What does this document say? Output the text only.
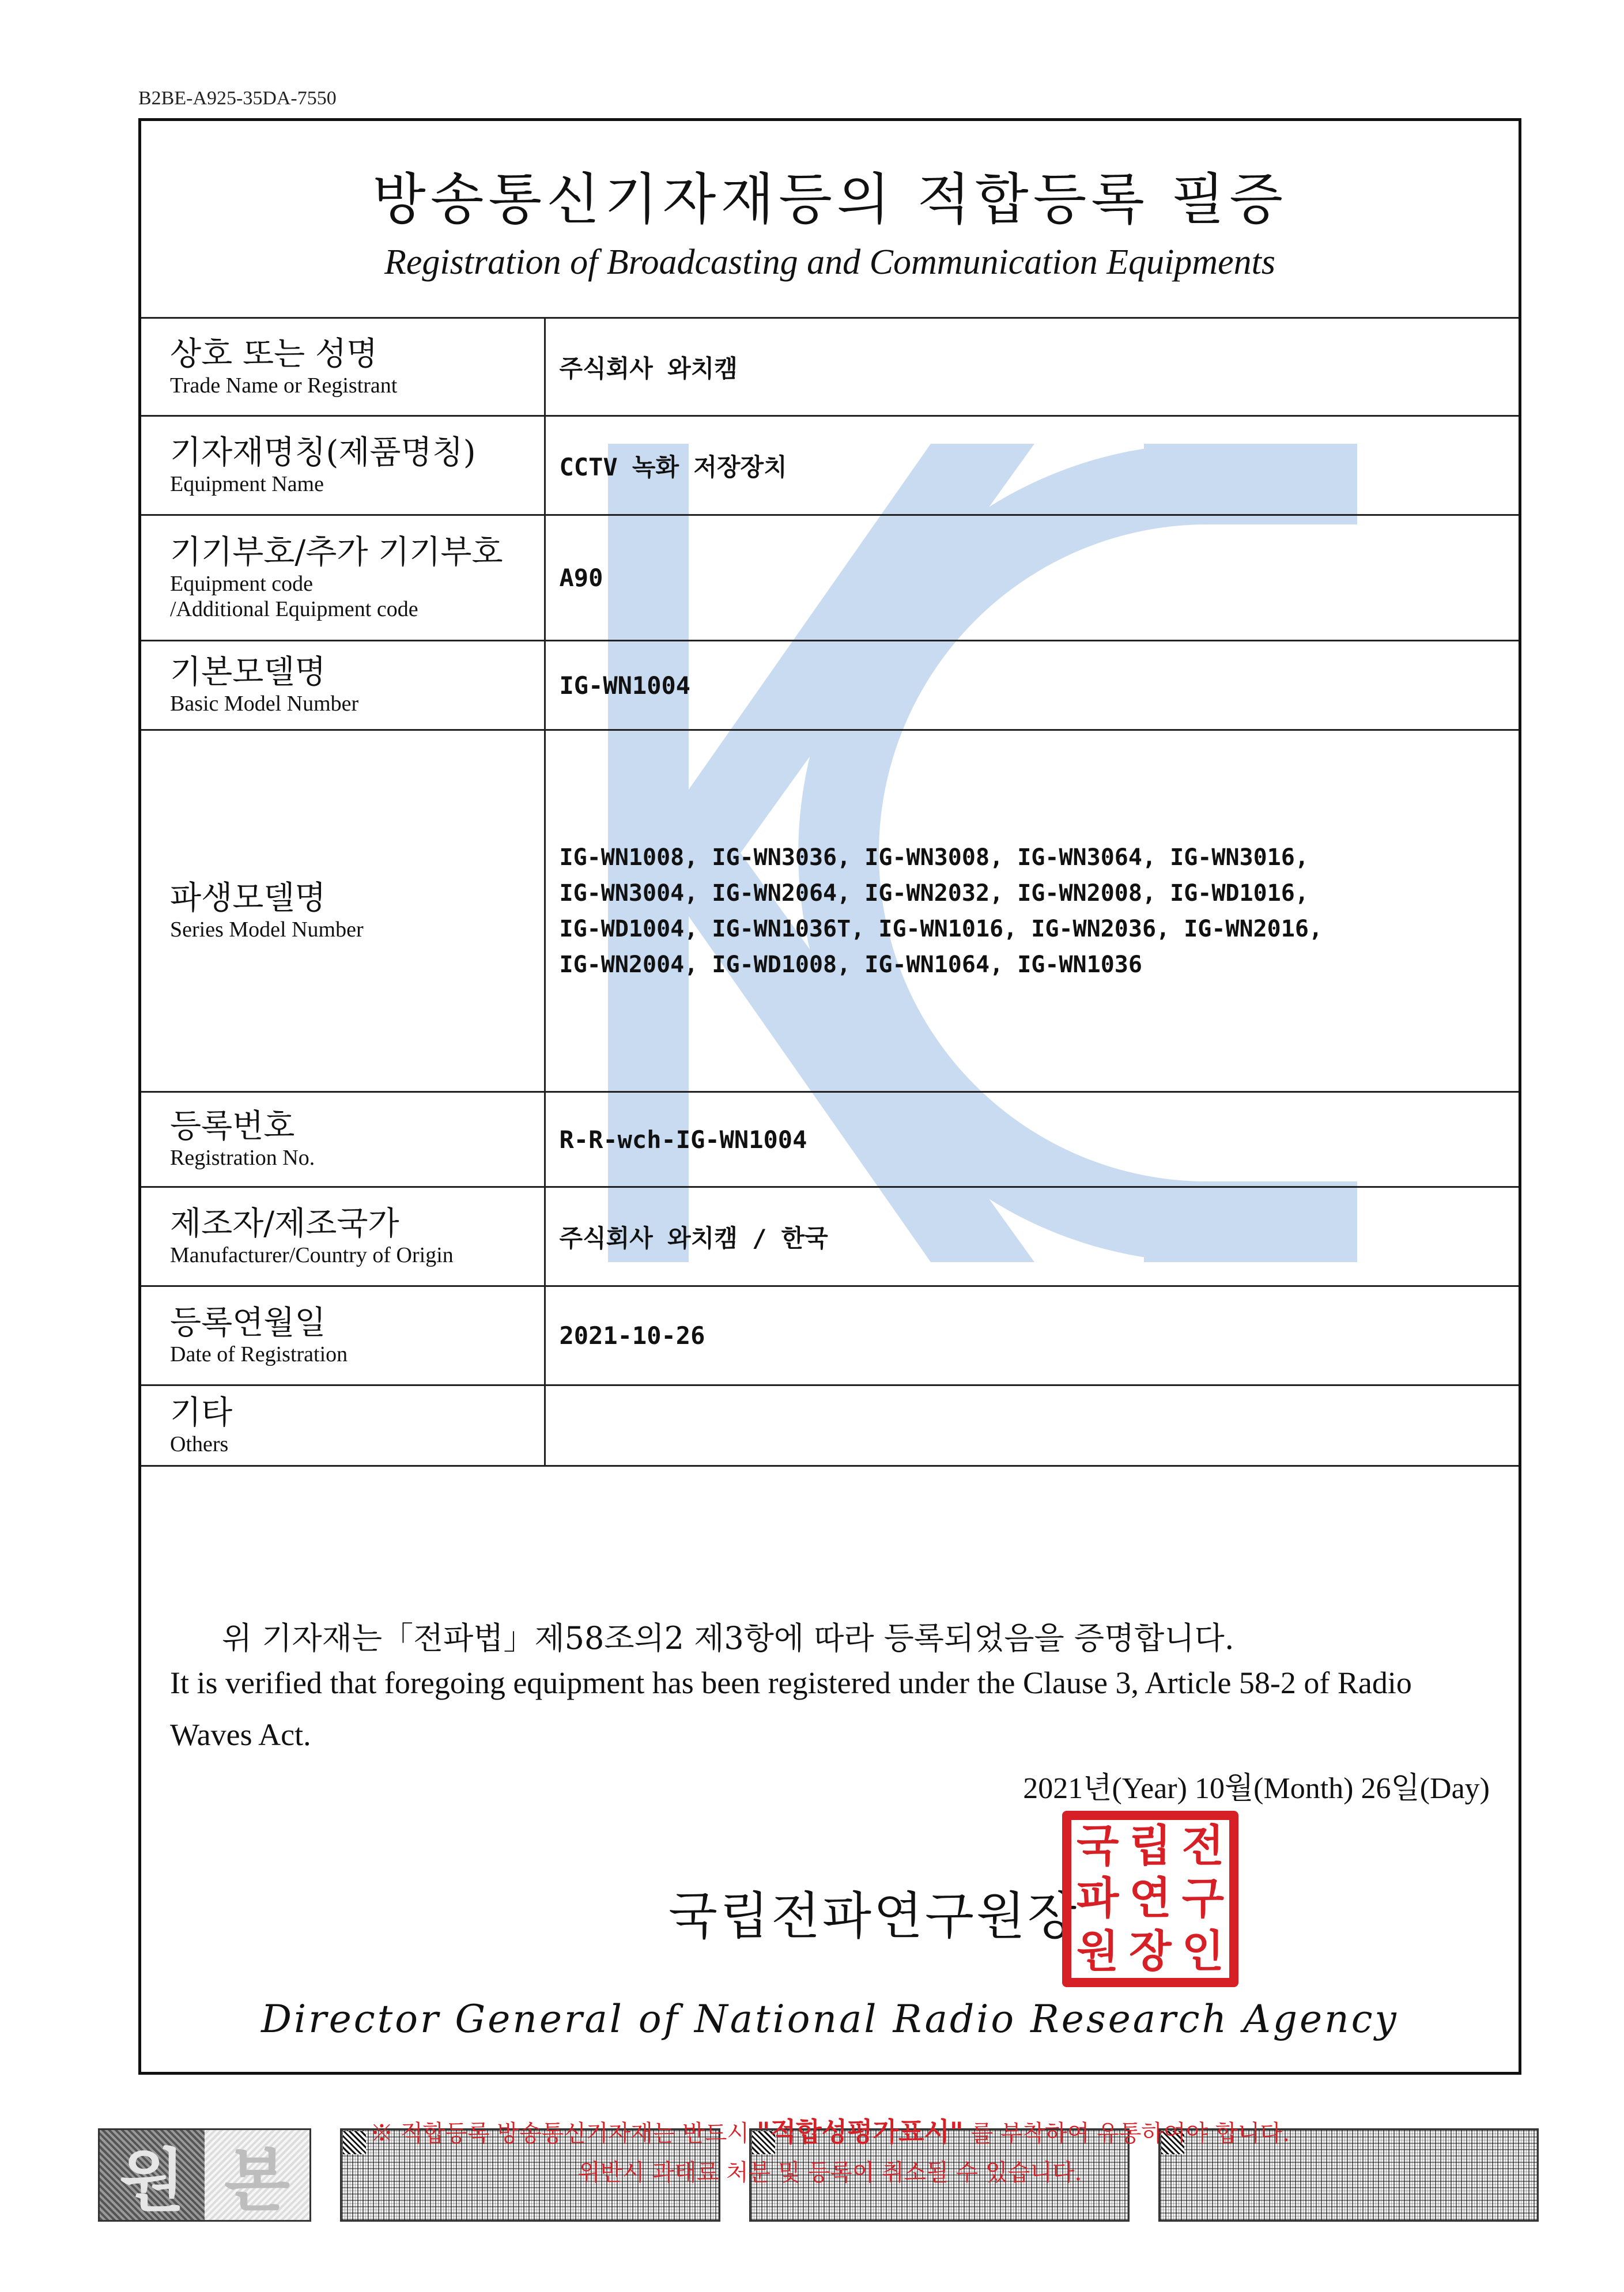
B2BE-A925-35DA-7550
방송통신기자재등의 적합등록 필증
Registration of Broadcasting and Communication Equipments
상호 또는 성명
Trade Name or Registrant	주식회사 와치캠

기자재명칭(제품명칭)
Equipment Name	CCTV 녹화 저장장치

기기부호/추가 기기부호
Equipment code
/Additional Equipment code	A90

기본모델명
Basic Model Number	IG-WN1004

파생모델명
Series Model Number	IG-WN1008, IG-WN3036, IG-WN3008, IG-WN3064, IG-WN3016,
IG-WN3004, IG-WN2064, IG-WN2032, IG-WN2008, IG-WD1016,
IG-WD1004, IG-WN1036T, IG-WN1016, IG-WN2036, IG-WN2016,
IG-WN2004, IG-WD1008, IG-WN1064, IG-WN1036

등록번호
Registration No.	R-R-wch-IG-WN1004

제조자/제조국가
Manufacturer/Country of Origin	주식회사 와치캠 / 한국

등록연월일
Date of Registration	2021-10-26

기타
Others	

위 기자재는「전파법」제58조의2 제3항에 따라 등록되었음을 증명합니다.
It is verified that foregoing equipment has been registered under the Clause 3, Article 58-2 of Radio Waves Act.
2021년(Year) 10월(Month) 26일(Day)
국립전파연구원장
국 립 전
파 연 구
원 장 인
Director General of National Radio Research Agency
※ 적합등록 방송통신기자재는 반드시 "적합성평가표시" 를 부착하여 유통하여야 합니다.
위반시 과태료 처분 및 등록이 취소될 수 있습니다.
원 본
